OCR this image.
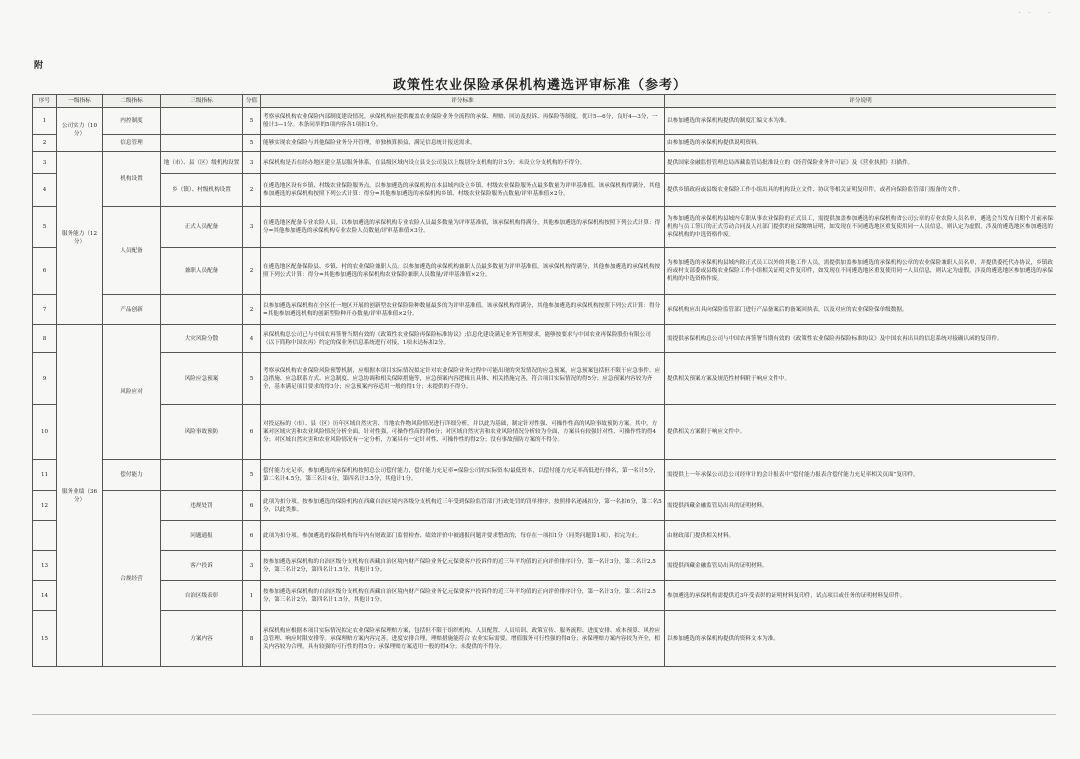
·· ·
附
政策性农业保险承保机构遴选评审标准（参考）
序号	一级指标	二级指标	三级指标	分值	评分标准	评分说明
1	公司实力（10分）	内控制度		5	考察承保机构农业保险内部制度建设情况。承保机构应提供覆盖农业保险业务全流程的承保、理赔、回访及投诉、再保险等制度。优计5—6分，良好4—3分，一般计3—1分。本条同举的5项内容各1项扣1分。	以参加遴选的承保机构提供的制度汇编文本为准。
2		信息管理		5	能够实现农业保险与其他保险业务分开管理，单独核算损益，满足信息统计报送需求。	由参加遴选的承保机构提供说明资料。
3	服务能力（12分）	机构设置	地（市）、县（区）级机构设置	3	承保机构是否在经办地区建立基层服务体系，在县级区域内设立县支公司及以上级别分支机构的计3分；未设立分支机构的不得分。	提供国家金融监督管理总局西藏监管局批准设立的《经营保险业务许可证》及《营业执照》扫描件。
4			乡（镇）、村级机构设置	2	在遴选地区设有乡镇、村级农业保险服务点。以参加遴选的承保机构在本县域内设立乡镇、村级农业保险服务点最多数量为评审基准值，该承保机构得满分，其他参加遴选的承保机构按照下列公式计算：得分=其他参加遴选的承保机构乡镇、村级农业保险服务点数量/评审基准值×2分。	提供乡镇政府或县级农业保险工作小组出具的机构设立文件、协议等相关证明复印件，或者向保险监管部门报备的文件。
5		人员配备	正式人员配备	3	在遴选地区配备专业农险人员。以参加遴选的承保机构专业农险人员最多数量为评审基准值，该承保机构得满分，其他参加遴选的承保机构按照下列公式计算：得分=其他参加遴选的承保机构专业农险人员数量/评审基准值×3分。	为参加遴选的承保机构县域内专职从事农业保险的正式员工，需提供加盖参加遴选的承保机构省公司公章的专业农险人员名单，遴选会当发布日期个月前承保机构与员工签订的正式劳动合同及人社部门提供的社保缴纳证明，如发现在不同遴选地区重复使用同一人员信息，则认定为虚假，涉及的遴选地区参加遴选的承保机构的中选资格作废。
6			兼职人员配备	2	在遴选地区配备保险县、乡镇、村的农业保险兼职人员。以参加遴选的承保机构兼职人员最多数量为评审基准值，该承保机构得满分，其他参加遴选的承保机构按照下列公式计算：得分=其他参加遴选的承保机构农业保险兼职人员数量/评审基准值×2分。	为参加遴选的承保机构县域内除正式员工以外的其他工作人员，需提供加盖参加遴选的承保机构公章的农业保险兼职人员名单，并提供委托代办协议，乡镇政府或村支部委或县级农业保险工作小组相关证明文件复印件，如发现在不同遴选地区重复使用同一人员信息，则认定为虚假，涉及的遴选地区参加遴选的承保机构的中选资格作废。
7		产品创新		2	以参加遴选承保机构在全区任一地区开展的创新型农业保险险种数量最多的为评审基准值，该承保机构得满分，其他参加遴选的承保机构按照下列公式计算：得分=其他参加遴选机构的创新型险种开办数量/评审基准值×2分。	承保机构应出具向保险监管部门进行产品备案后的备案回执表，以及对应的农业保险保单级数据。
8	服务业绩（36分）	风险应对	大灾风险分散	4	承保机构总公司已与中国农再签署当期有效的《政策性农业保险再保险标准协议》;信息化建设满足业务管理要求，能够按要求与中国农业再保险股份有限公司（以下简称中国农再）约定的保业务信息系统进行对接，1项未达标扣2分。	需提供承保机构总公司与中国农再签署当期有效的《政策性农业保险再保险标准协议》及中国农再出具的信息系统对接确认函的复印件。
9			风险应急预案	5	考察承保机构农业保险风险预警机制，应根据本项目实际情况拟定针对农业保险业务过程中可能出现的突发情况的应急预案，应急预案包括但不限于应急事件、应急措施、应急联系方式、应急制度、应急协调和相关保障措施等，应急预案内容逻辑且具体、相关措施完善，符合项目实际情况的得5分；应急预案内容较为齐全，基本满足项目要求的得3分；应急预案内容适用一般的得1分；未提供的不得分。	提供相关预案方案及规范性材料附于响应文件中。
10			风险事故预防	6	对投运标的（市）、县（区）历年区域自然灾害、当地农作物风险情况进行详细分析，并以此为基础，制定针对性强、可操作性高的风险事故预防方案。其中，方案对区域灾害和农业风险情况分析全面，针对性强，可操作性高的得6分；对区域自然灾害和农业风险情况分析较为全面，方案具有较强针对性、可操作性的得4分；对区域自然灾害和农业风险情况有一定分析，方案具有一定针对性、可操作性的得2分；没有事故预防方案的不得分。	提供相关方案附于响应文件中。
11		偿付能力		5	偿付能力充足率，参加遴选的承保机构按照总公司偿付能力，偿付能力充足率=保险公司的实际资本/最低资本，以偿付能力充足率高低进行排名，第一名计5分，第二名计4.5分，第三名计4分，第四名计3.5分，其他计1分。	需提供上一年承保公司总公司经审计的会计报表中“偿付能力报表含偿付能力充足率相关页面”复印件。
12		合规经营	违规处罚	6	此项为扣分项。按参加遴选的保险机构在西藏自治区境内各级分支机构近三年受到保险监管部门行政处罚的罚单排序，按照排名递减扣分，第一名扣6分，第二名5分，以此类推。	需提供西藏金融监管局出具的证明材料。
			问题通报	6	此项为扣分项。参加遴选的保险机构每年内有财政部门监督检查、绩效评价中被通报问题并要求整改的，每存在一项扣1分（同类问题算1项），扣完为止。	由财政部门提供相关材料。
13			客户投诉	3	按参加遴选承保机构的自治区级分支机构在西藏自治区境内财产保险业务亿元保费客户投诉件的近三年平均值的正向评价排序计分，第一名计3分，第二名计2.5分，第三名计2分，第四名计1.5分，其他计1分。	需提供西藏金融监管局出具的证明材料。
14			自治区级表彰	1	按参加遴选承保机构的自治区级分支机构在西藏自治区境内财产保险业务亿元保费客户投诉件的近三年平均值的正向评价排序计分，第一名计3分，第二名计2.5分，第三名计2分，第四名计1.5分，其他计1分。	参加遴选的承保机构需提供近3年受表彰的证明材料复印件，试点项目或任务的证明材料复印件。
15			方案内容	8	承保机构应根据本项目实际情况拟定农业保险承保理赔方案，包括但不限于组织机构、人员配置、人员培训、政策宣传、服务流程、进度安排、成本预算、风控应急管理、响应时限安排等。承保理赔方案内容完善，进度安排合理，理赔措施能符合 农业实际需要，增值服务可行性强的得8分；承保理赔方案内容较为齐全，相关内容较为合理，具有较强的可行性的得5分；承保理赔方案适用一般的得4分；未提供的不得分。	以参加遴选的承保机构提供的资料文本为准。
